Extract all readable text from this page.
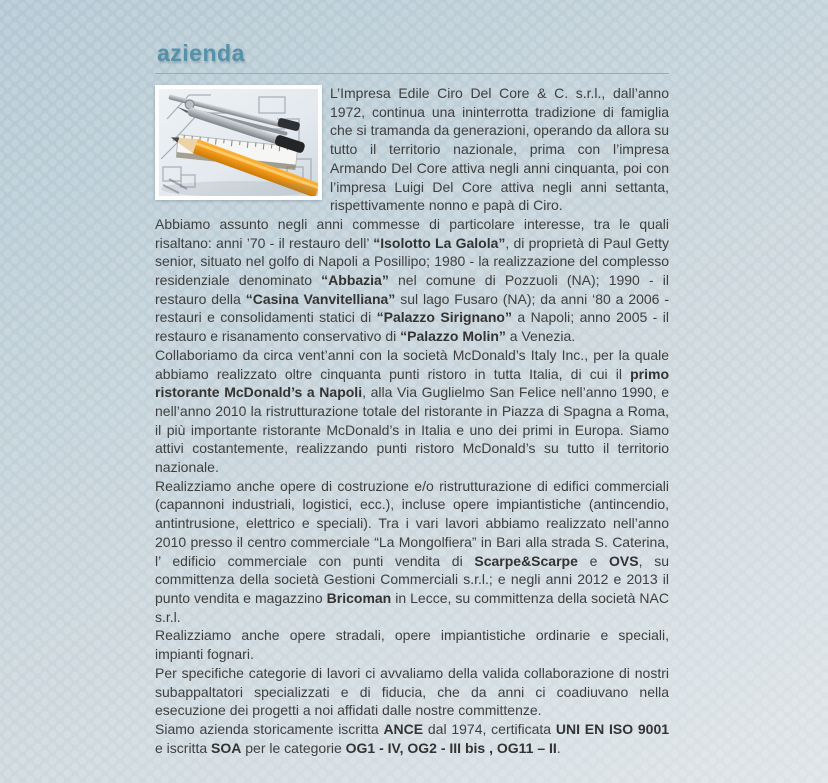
azienda

L’Impresa Edile Ciro Del Core & C. s.r.l., dall’anno 1972, continua una ininterrotta tradizione di famiglia che si tramanda da generazioni, operando da allora su tutto il territorio nazionale, prima con l’impresa Armando Del Core attiva negli anni cinquanta, poi con l’impresa Luigi Del Core attiva negli anni settanta, rispettivamente nonno e papà di Ciro.

Abbiamo assunto negli anni commesse di particolare interesse, tra le quali risaltano: anni ’70 - il restauro dell’ “Isolotto La Galola”, di proprietà di Paul Getty senior, situato nel golfo di Napoli a Posillipo; 1980 - la realizzazione del complesso residenziale denominato “Abbazia” nel comune di Pozzuoli (NA); 1990 - il restauro della “Casina Vanvitelliana” sul lago Fusaro (NA); da anni ‘80 a 2006 - restauri e consolidamenti statici di “Palazzo Sirignano” a Napoli; anno 2005 - il restauro e risanamento conservativo di “Palazzo Molin” a Venezia.

Collaboriamo da circa vent’anni con la società McDonald’s Italy Inc., per la quale abbiamo realizzato oltre cinquanta punti ristoro in tutta Italia, di cui il primo ristorante McDonald’s a Napoli, alla Via Guglielmo San Felice nell’anno 1990, e nell’anno 2010 la ristrutturazione totale del ristorante in Piazza di Spagna a Roma, il più importante ristorante McDonald’s in Italia e uno dei primi in Europa. Siamo attivi costantemente, realizzando punti ristoro McDonald’s su tutto il territorio nazionale.

Realizziamo anche opere di costruzione e/o ristrutturazione di edifici commerciali (capannoni industriali, logistici, ecc.), incluse opere impiantistiche (antincendio, antintrusione, elettrico e speciali). Tra i vari lavori abbiamo realizzato nell’anno 2010 presso il centro commerciale “La Mongolfiera” in Bari alla strada S. Caterina, l’ edificio commerciale con punti vendita di Scarpe&Scarpe e OVS, su committenza della società Gestioni Commerciali s.r.l.; e negli anni 2012 e 2013 il punto vendita e magazzino Bricoman in Lecce, su committenza della società NAC s.r.l.

Realizziamo anche opere stradali, opere impiantistiche ordinarie e speciali, impianti fognari.

Per specifiche categorie di lavori ci avvaliamo della valida collaborazione di nostri subappaltatori specializzati e di fiducia, che da anni ci coadiuvano nella esecuzione dei progetti a noi affidati dalle nostre committenze.

Siamo azienda storicamente iscritta ANCE dal 1974, certificata UNI EN ISO 9001 e iscritta SOA per le categorie OG1 - IV, OG2 - III bis , OG11 – II.
